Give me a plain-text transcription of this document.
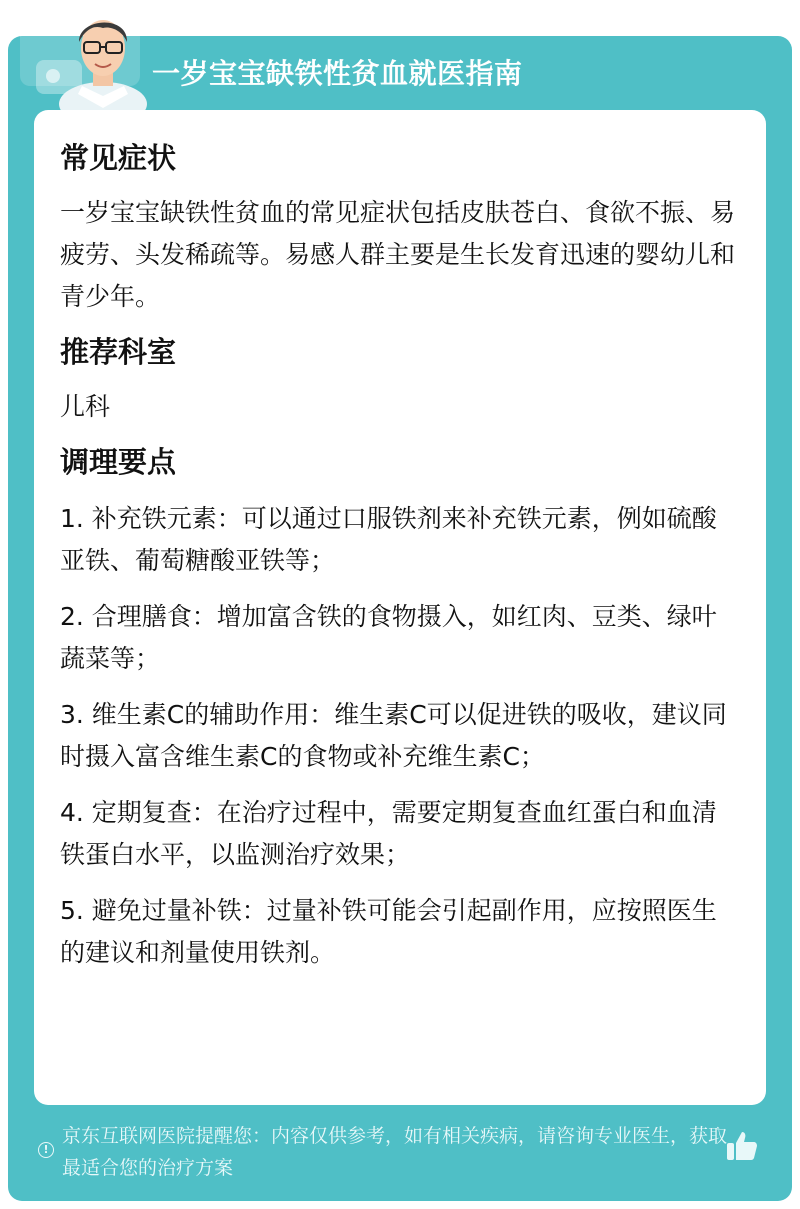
一岁宝宝缺铁性贫血就医指南
常见症状
一岁宝宝缺铁性贫血的常见症状包括皮肤苍白、食欲不振、易疲劳、头发稀疏等。易感人群主要是生长发育迅速的婴幼儿和青少年。
推荐科室
儿科
调理要点
1. 补充铁元素：可以通过口服铁剂来补充铁元素，例如硫酸亚铁、葡萄糖酸亚铁等；
2. 合理膳食：增加富含铁的食物摄入，如红肉、豆类、绿叶蔬菜等；
3. 维生素C的辅助作用：维生素C可以促进铁的吸收，建议同时摄入富含维生素C的食物或补充维生素C；
4. 定期复查：在治疗过程中，需要定期复查血红蛋白和血清铁蛋白水平，以监测治疗效果；
5. 避免过量补铁：过量补铁可能会引起副作用，应按照医生的建议和剂量使用铁剂。
!
京东互联网医院提醒您：内容仅供参考，如有相关疾病，请咨询专业医生，获取最适合您的治疗方案
